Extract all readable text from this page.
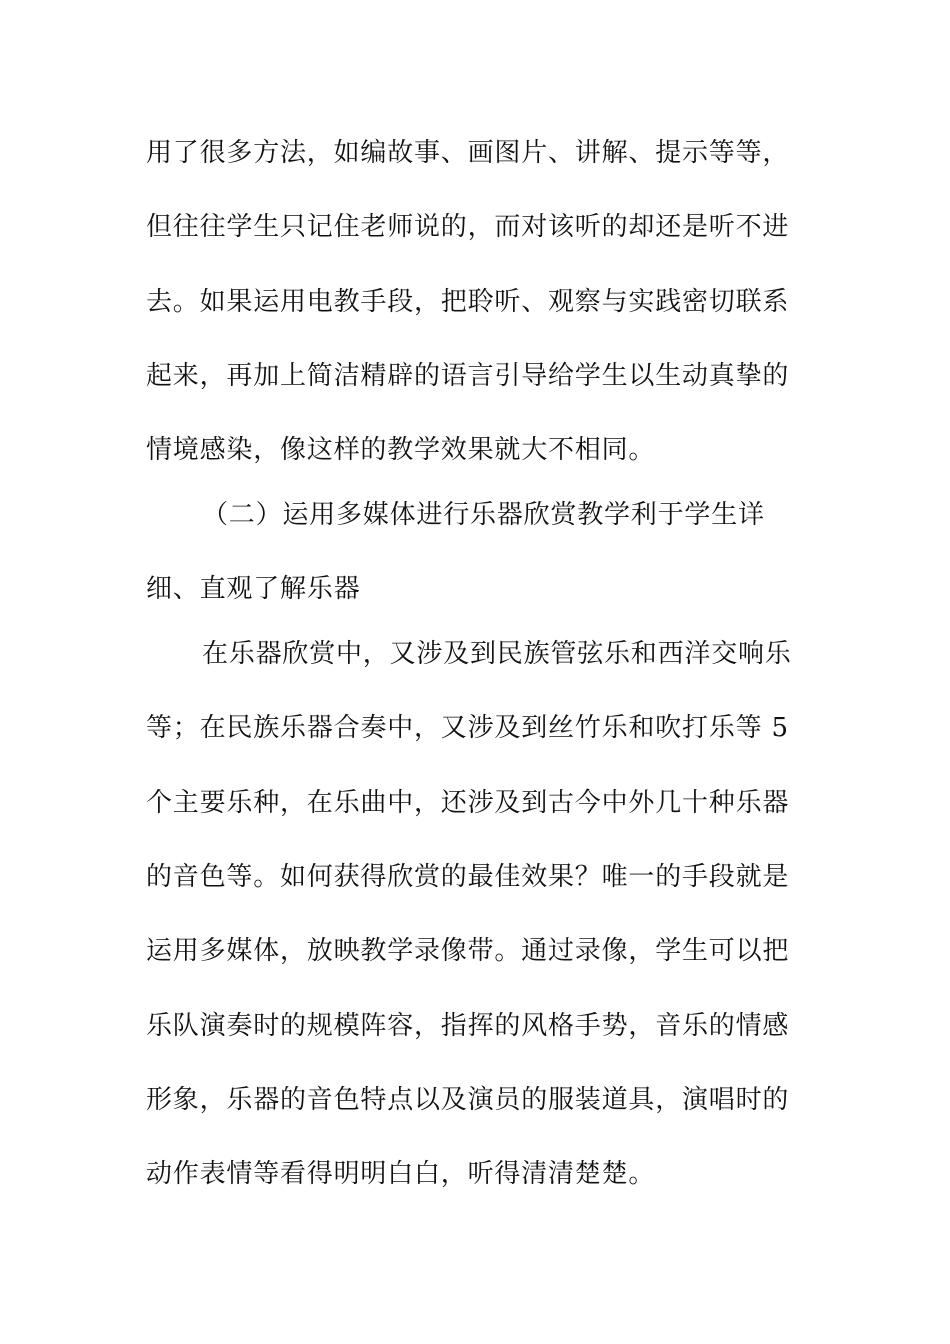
用了很多方法，如编故事、画图片、讲解、提示等等，
但往往学生只记住老师说的，而对该听的却还是听不进
去。如果运用电教手段，把聆听、观察与实践密切联系
起来，再加上简洁精辟的语言引导给学生以生动真挚的
情境感染，像这样的教学效果就大不相同。
（二）运用多媒体进行乐器欣赏教学利于学生详
细、直观了解乐器
在乐器欣赏中，又涉及到民族管弦乐和西洋交响乐
等；在民族乐器合奏中，又涉及到丝竹乐和吹打乐等 5
个主要乐种，在乐曲中，还涉及到古今中外几十种乐器
的音色等。如何获得欣赏的最佳效果？唯一的手段就是
运用多媒体，放映教学录像带。通过录像，学生可以把
乐队演奏时的规模阵容，指挥的风格手势，音乐的情感
形象，乐器的音色特点以及演员的服装道具，演唱时的
动作表情等看得明明白白，听得清清楚楚。
